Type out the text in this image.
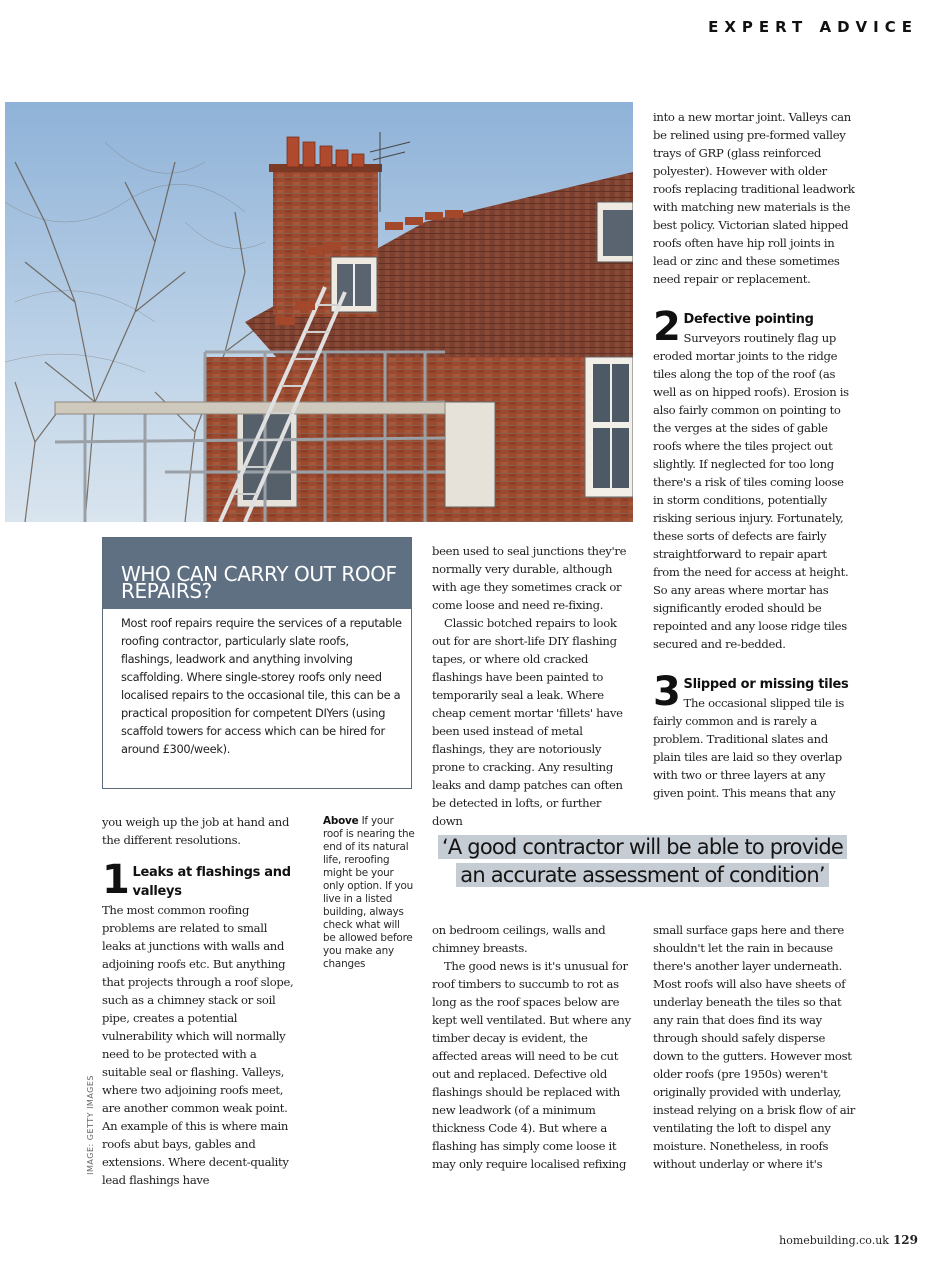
EXPERT ADVICE
WHO CAN CARRY OUT ROOF REPAIRS?
Most roof repairs require the services of a reputable roofing contractor, particularly slate roofs, flashings, leadwork and anything involving scaffolding. Where single-storey roofs only need localised repairs to the occasional tile, this can be a practical proposition for competent DIYers (using scaffold towers for access which can be hired for around £300/week).

you weigh up the job at hand and the different resolutions.

1 Leaks at flashings and valleys

The most common roofing problems are related to small leaks at junctions with walls and adjoining roofs etc. But anything that projects through a roof slope, such as a chimney stack or soil pipe, creates a potential vulnerability which will normally need to be protected with a suitable seal or flashing. Valleys, where two adjoining roofs meet, are another common weak point. An example of this is where main roofs abut bays, gables and extensions. Where decent-quality lead flashings have

Above If your roof is nearing the end of its natural life, reroofing might be your only option. If you live in a listed building, always check what will be allowed before you make any changes

been used to seal junctions they're normally very durable, although with age they sometimes crack or come loose and need re-fixing.

Classic botched repairs to look out for are short-life DIY flashing tapes, or where old cracked flashings have been painted to temporarily seal a leak. Where cheap cement mortar 'fillets' have been used instead of metal flashings, they are notoriously prone to cracking. Any resulting leaks and damp patches can often be detected in lofts, or further down

into a new mortar joint. Valleys can be relined using pre-formed valley trays of GRP (glass reinforced polyester). However with older roofs replacing traditional leadwork with matching new materials is the best policy. Victorian slated hipped roofs often have hip roll joints in lead or zinc and these sometimes need repair or replacement.

2 Defective pointing Surveyors routinely flag up eroded mortar joints to the ridge tiles along the top of the roof (as well as on hipped roofs). Erosion is also fairly common on pointing to the verges at the sides of gable roofs where the tiles project out slightly. If neglected for too long there's a risk of tiles coming loose in storm conditions, potentially risking serious injury. Fortunately, these sorts of defects are fairly straightforward to repair apart from the need for access at height. So any areas where mortar has significantly eroded should be repointed and any loose ridge tiles secured and re-bedded.
3 Slipped or missing tiles The occasional slipped tile is fairly common and is rarely a problem. Traditional slates and plain tiles are laid so they overlap with two or three layers at any given point. This means that any
‘A good contractor will be able to provide
an accurate assessment of condition’

on bedroom ceilings, walls and chimney breasts.

The good news is it's unusual for roof timbers to succumb to rot as long as the roof spaces below are kept well ventilated. But where any timber decay is evident, the affected areas will need to be cut out and replaced. Defective old flashings should be replaced with new leadwork (of a minimum thickness Code 4). But where a flashing has simply come loose it may only require localised refixing

small surface gaps here and there shouldn't let the rain in because there's another layer underneath. Most roofs will also have sheets of underlay beneath the tiles so that any rain that does find its way through should safely disperse down to the gutters. However most older roofs (pre 1950s) weren't originally provided with underlay, instead relying on a brisk flow of air ventilating the loft to dispel any moisture. Nonetheless, in roofs without underlay or where it's

IMAGE: GETTY IMAGES
homebuilding.co.uk 129
